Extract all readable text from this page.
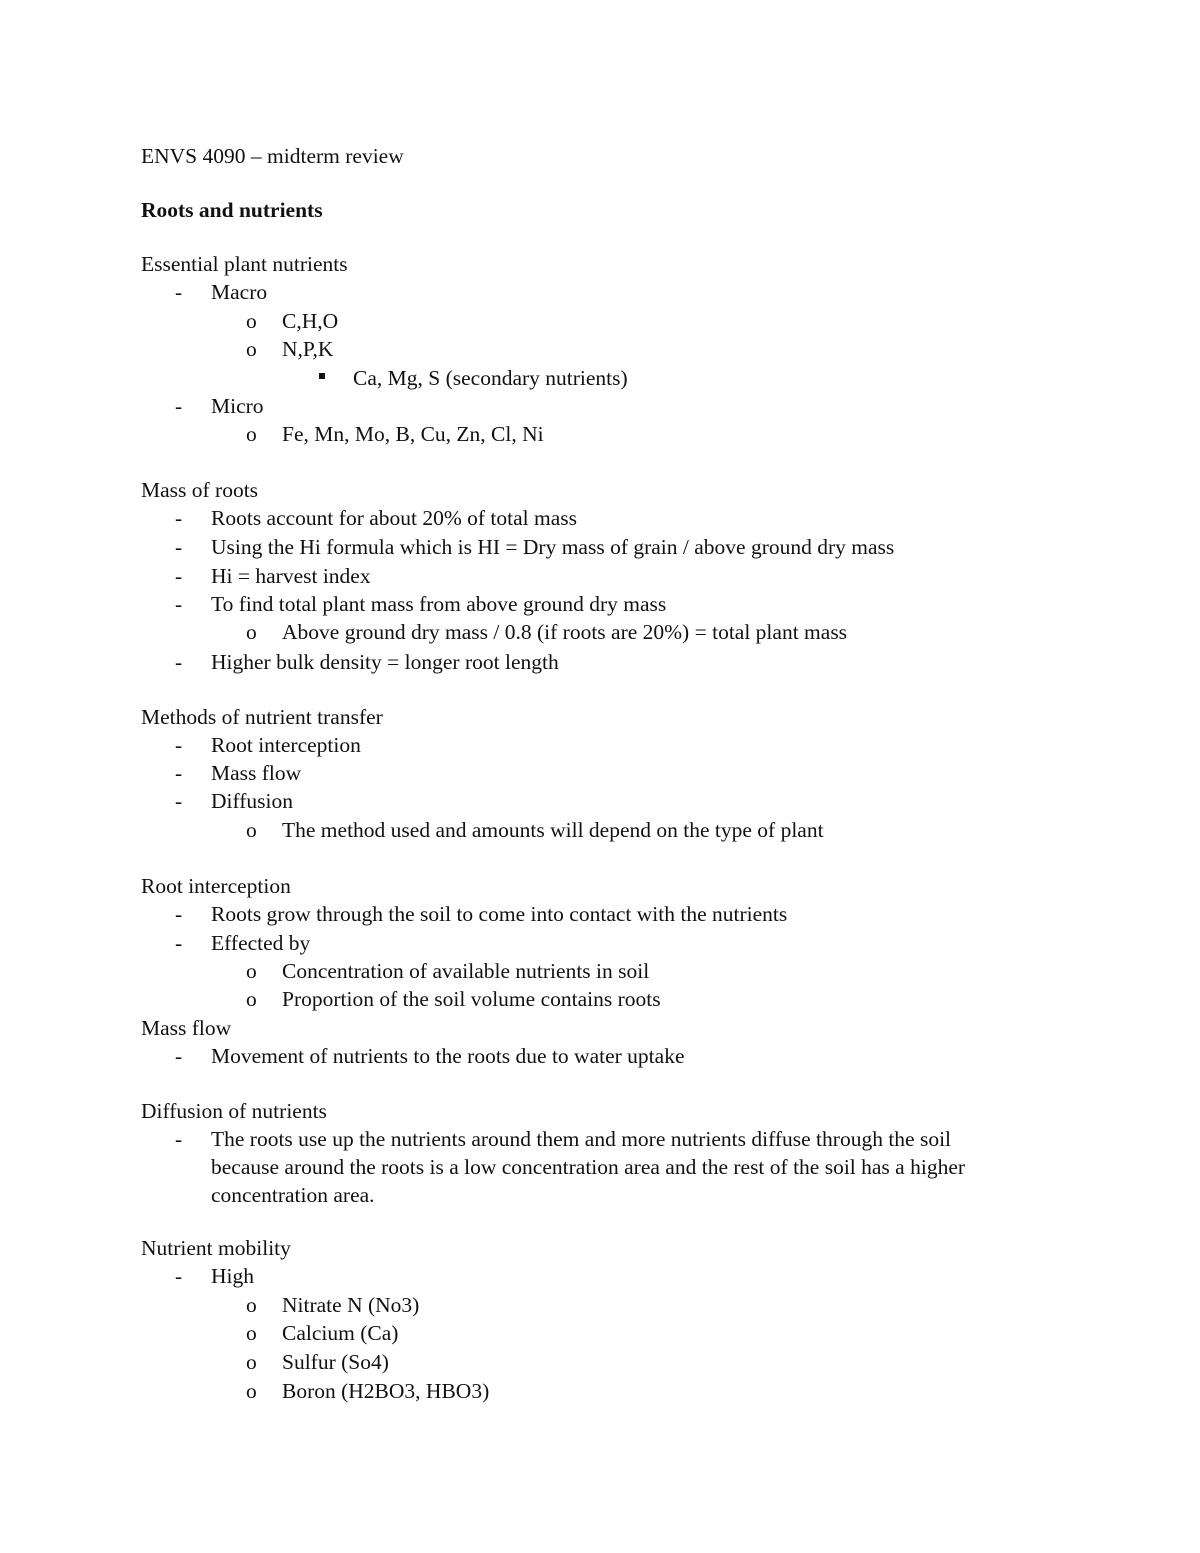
ENVS 4090 – midterm review
Roots and nutrients
Essential plant nutrients
- Macro
o C,H,O
o N,P,K
Ca, Mg, S (secondary nutrients)
- Micro
o Fe, Mn, Mo, B, Cu, Zn, Cl, Ni
Mass of roots
- Roots account for about 20% of total mass
- Using the Hi formula which is HI = Dry mass of grain / above ground dry mass
- Hi = harvest index
- To find total plant mass from above ground dry mass
o Above ground dry mass / 0.8 (if roots are 20%) = total plant mass
- Higher bulk density = longer root length
Methods of nutrient transfer
- Root interception
- Mass flow
- Diffusion
o The method used and amounts will depend on the type of plant
Root interception
- Roots grow through the soil to come into contact with the nutrients
- Effected by
o Concentration of available nutrients in soil
o Proportion of the soil volume contains roots
Mass flow
- Movement of nutrients to the roots due to water uptake
Diffusion of nutrients
- The roots use up the nutrients around them and more nutrients diffuse through the soil
because around the roots is a low concentration area and the rest of the soil has a higher
concentration area.
Nutrient mobility
- High
o Nitrate N (No3)
o Calcium (Ca)
o Sulfur (So4)
o Boron (H2BO3, HBO3)
